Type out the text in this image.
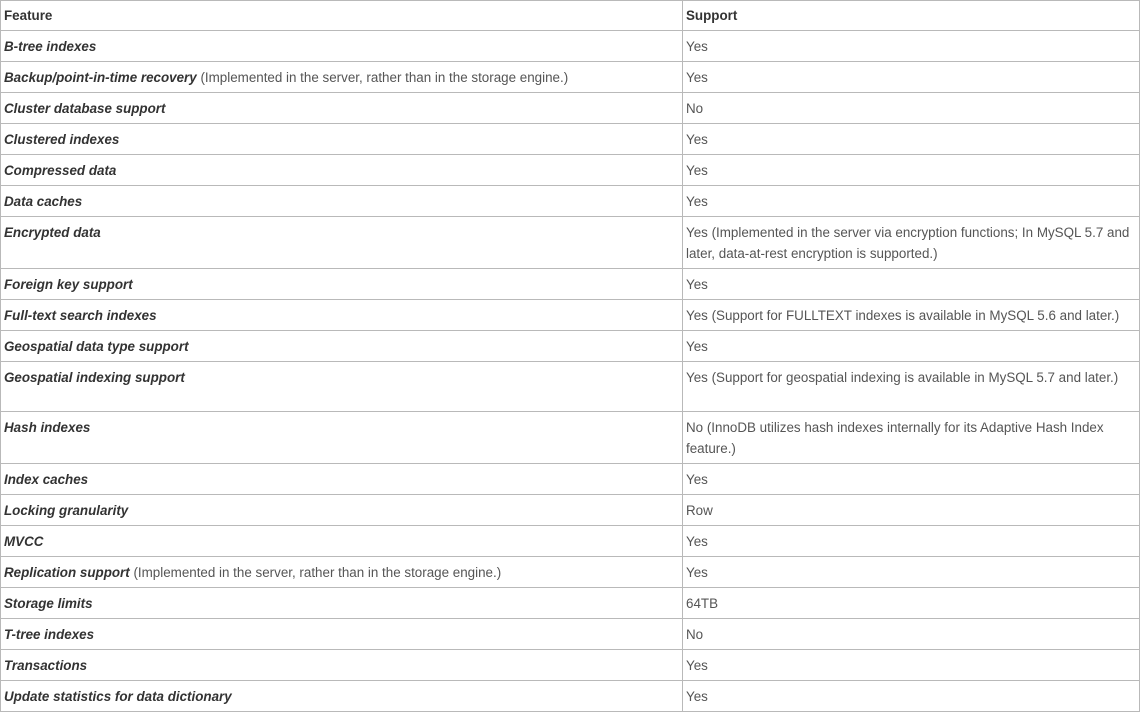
Feature	Support
B-tree indexes	Yes
Backup/point-in-time recovery (Implemented in the server, rather than in the storage engine.)	Yes
Cluster database support	No
Clustered indexes	Yes
Compressed data	Yes
Data caches	Yes
Encrypted data	Yes (Implemented in the server via encryption functions; In MySQL 5.7 and later, data-at-rest encryption is supported.)
Foreign key support	Yes
Full-text search indexes	Yes (Support for FULLTEXT indexes is available in MySQL 5.6 and later.)
Geospatial data type support	Yes
Geospatial indexing support	Yes (Support for geospatial indexing is available in MySQL 5.7 and later.)
Hash indexes	No (InnoDB utilizes hash indexes internally for its Adaptive Hash Index feature.)
Index caches	Yes
Locking granularity	Row
MVCC	Yes
Replication support (Implemented in the server, rather than in the storage engine.)	Yes
Storage limits	64TB
T-tree indexes	No
Transactions	Yes
Update statistics for data dictionary	Yes
